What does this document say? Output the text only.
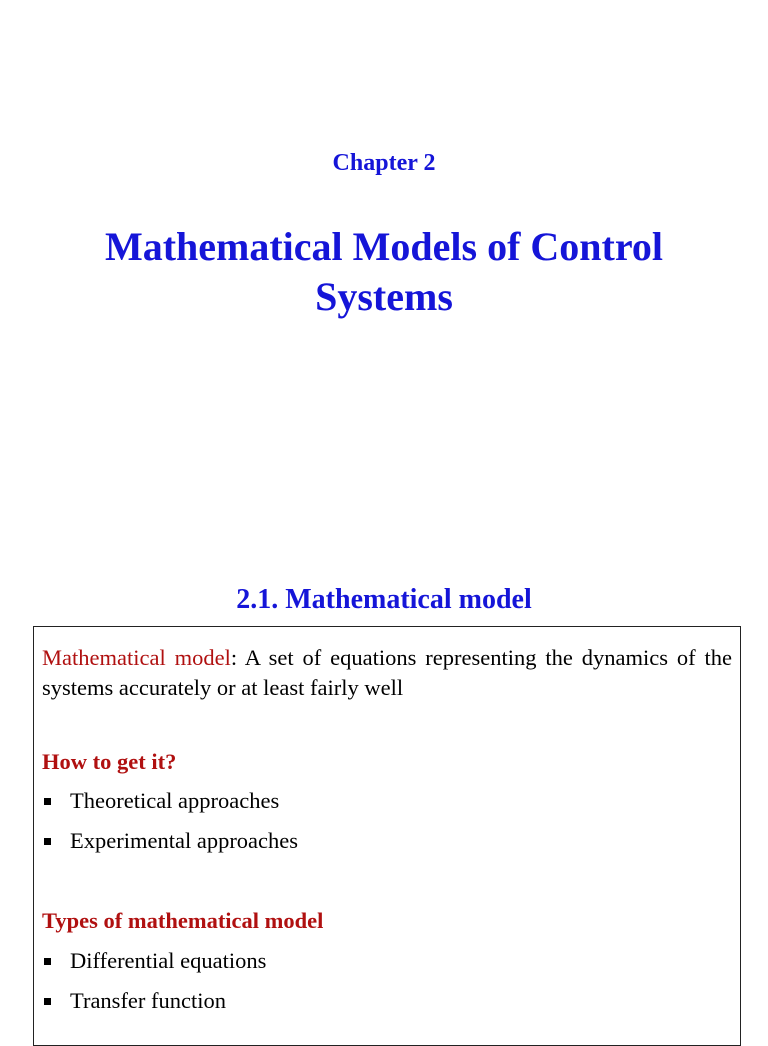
Chapter 2
Mathematical Models of Control Systems
2.1. Mathematical model

Mathematical model: A set of equations representing the dynamics of the systems accurately or at least fairly well

How to get it?
Theoretical approaches
Experimental approaches
Types of mathematical model
Differential equations
Transfer function
